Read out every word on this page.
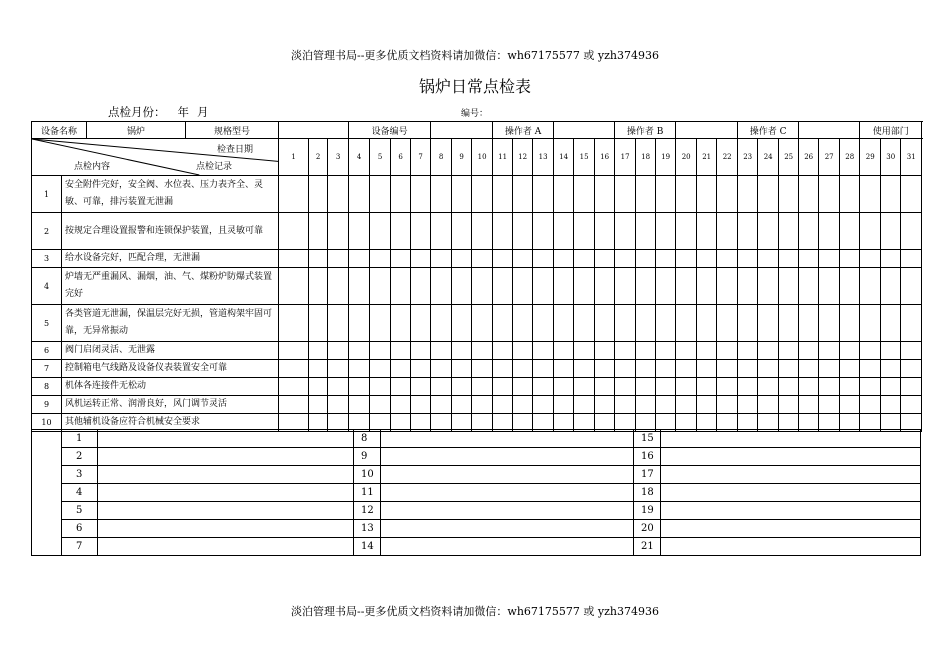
淡泊管理书局--更多优质文档资料请加微信：wh67175577 或 yzh374936
锅炉日常点检表
点检月份： 年 月	编号：
设备名称		锅炉	规格型号				设备编号							操作者 A						操作者 B						操作者 C						使用部门			

检查日期
点检内容 点检记录				1	2	3	4	5	6	7	8	9	10	11	12	13	14	15	16	17	18	19	20	21	22	23	24	25	26	27	28	29	30	31	
1	安全附件完好，安全阀、水位表、压力表齐全、灵敏、可靠，排污装置无泄漏																																		
2	按规定合理设置报警和连锁保护装置，且灵敏可靠																																		
3	给水设备完好，匹配合理，无泄漏																																		
4	炉墙无严重漏风、漏烟，油、气、煤粉炉防爆式装置完好																																		
5	各类管道无泄漏，保温层完好无损，管道构架牢固可靠，无异常振动																																		
6	阀门启闭灵活、无泄露																																		
7	控制箱电气线路及设备仪表装置安全可靠																																		
8	机体各连接件无松动																																		
9	风机运转正常、润滑良好，风门调节灵活																																		
10	其他辅机设备应符合机械安全要求																																		
	1		8		15	
	2		9		16	
	3		10		17	
	4		11		18	
	5		12		19	
	6		13		20	
	7		14		21	
淡泊管理书局--更多优质文档资料请加微信：wh67175577 或 yzh374936
